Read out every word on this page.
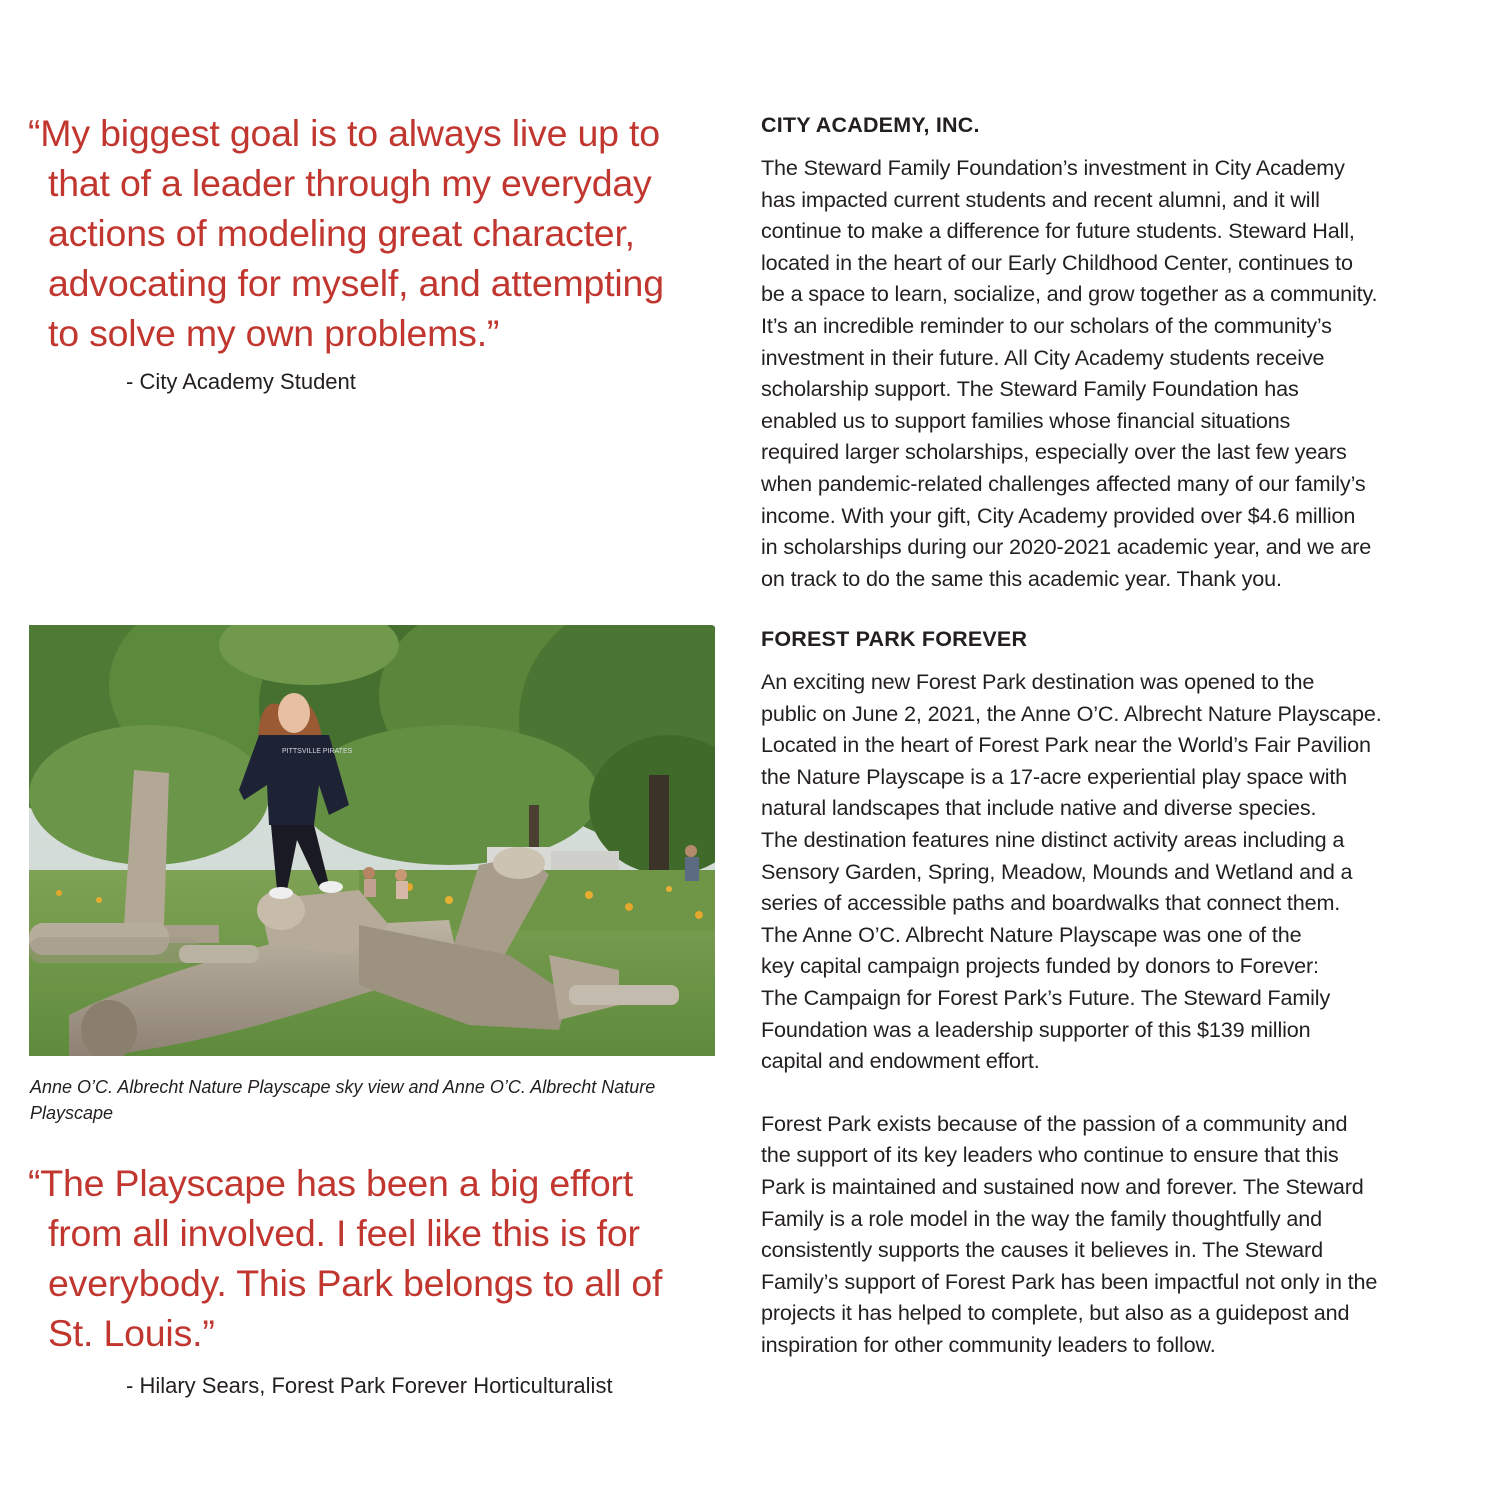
“My biggest goal is to always live up to
that of a leader through my everyday
actions of modeling great character,
advocating for myself, and attempting
to solve my own problems.”
- City Academy Student
PITTSVILLE PIRATES
Anne O’C. Albrecht Nature Playscape sky view and Anne O’C. Albrecht Nature
Playscape
“The Playscape has been a big effort
from all involved. I feel like this is for
everybody. This Park belongs to all of
St. Louis.”
- Hilary Sears, Forest Park Forever Horticulturalist
CITY ACADEMY, INC.

The Steward Family Foundation’s investment in City Academy
has impacted current students and recent alumni, and it will
continue to make a difference for future students. Steward Hall,
located in the heart of our Early Childhood Center, continues to
be a space to learn, socialize, and grow together as a community.
It’s an incredible reminder to our scholars of the community’s
investment in their future. All City Academy students receive
scholarship support. The Steward Family Foundation has
enabled us to support families whose financial situations
required larger scholarships, especially over the last few years
when pandemic-related challenges affected many of our family’s
income. With your gift, City Academy provided over $4.6 million
in scholarships during our 2020-2021 academic year, and we are
on track to do the same this academic year. Thank you.

FOREST PARK FOREVER

An exciting new Forest Park destination was opened to the
public on June 2, 2021, the Anne O’C. Albrecht Nature Playscape.
Located in the heart of Forest Park near the World’s Fair Pavilion
the Nature Playscape is a 17-acre experiential play space with
natural landscapes that include native and diverse species.
The destination features nine distinct activity areas including a
Sensory Garden, Spring, Meadow, Mounds and Wetland and a
series of accessible paths and boardwalks that connect them.
The Anne O’C. Albrecht Nature Playscape was one of the
key capital campaign projects funded by donors to Forever:
The Campaign for Forest Park’s Future. The Steward Family
Foundation was a leadership supporter of this $139 million
capital and endowment effort.

Forest Park exists because of the passion of a community and
the support of its key leaders who continue to ensure that this
Park is maintained and sustained now and forever. The Steward
Family is a role model in the way the family thoughtfully and
consistently supports the causes it believes in. The Steward
Family’s support of Forest Park has been impactful not only in the
projects it has helped to complete, but also as a guidepost and
inspiration for other community leaders to follow.
